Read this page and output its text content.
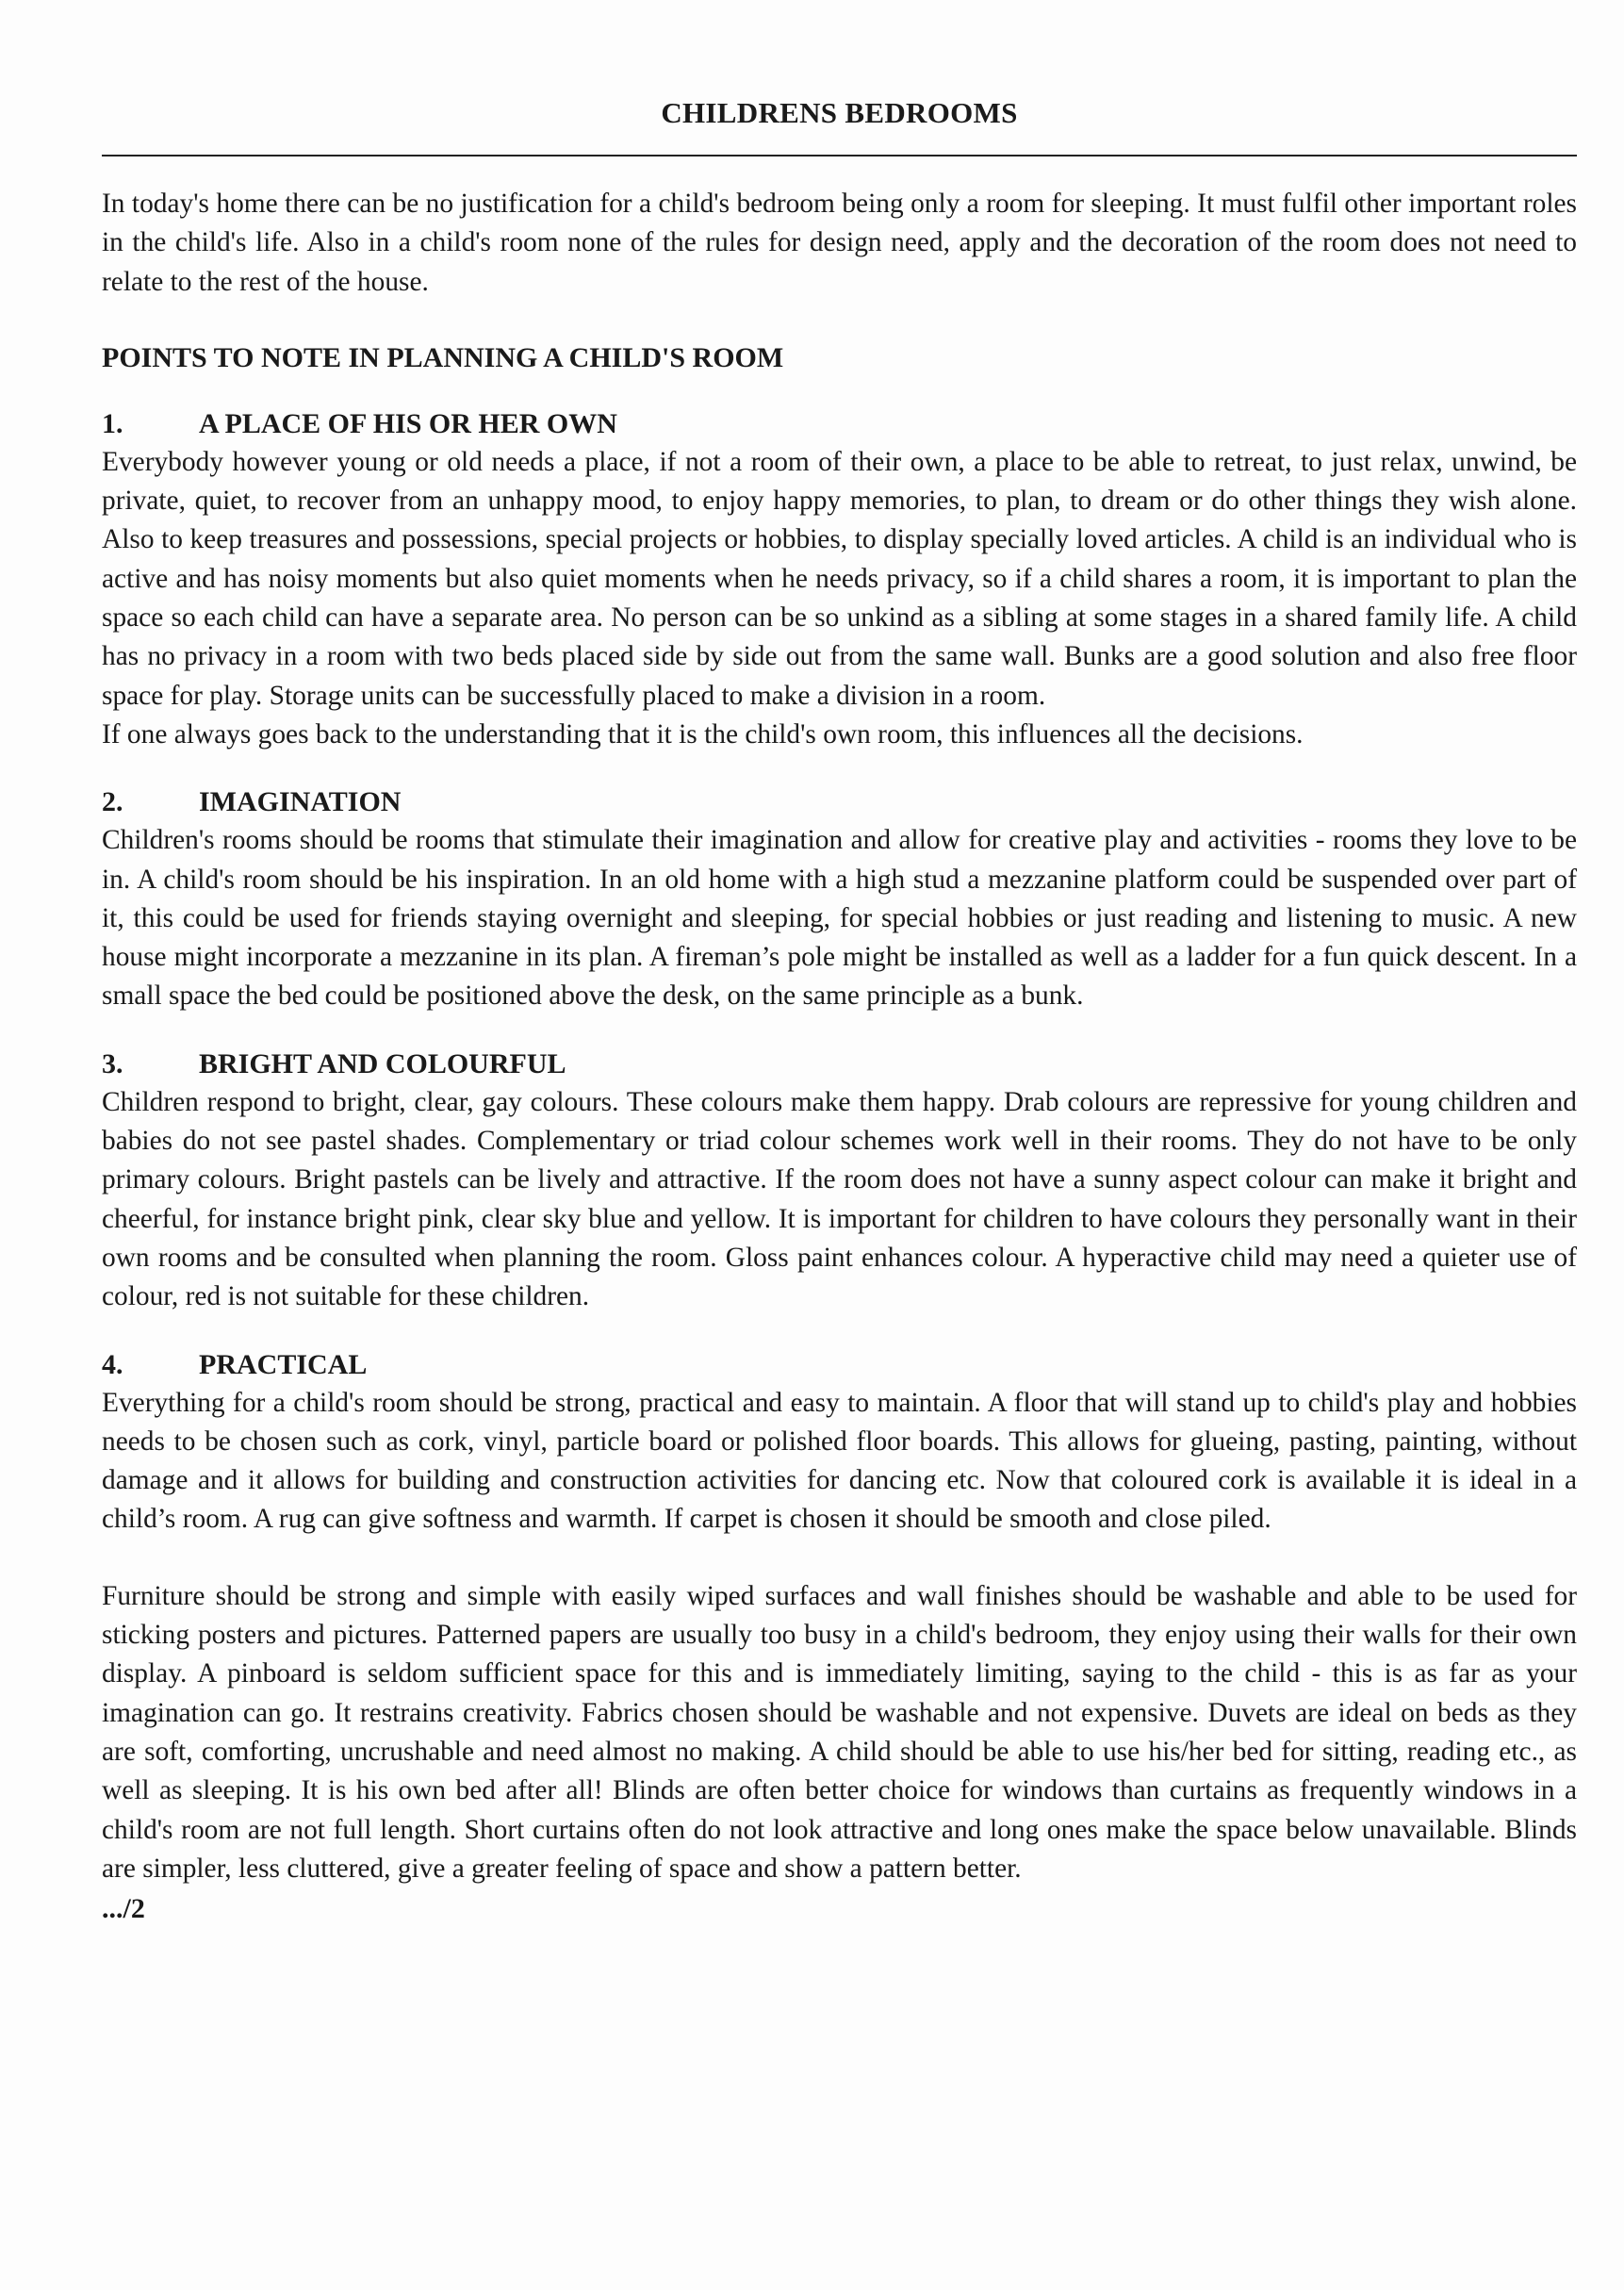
CHILDRENS BEDROOMS

In today's home there can be no justification for a child's bedroom being only a room for sleeping. It must fulfil other important roles in the child's life. Also in a child's room none of the rules for design need, apply and the decoration of the room does not need to relate to the rest of the house.

POINTS TO NOTE IN PLANNING A CHILD'S ROOM
1.	A PLACE OF HIS OR HER OWN

Everybody however young or old needs a place, if not a room of their own, a place to be able to retreat, to just relax, unwind, be private, quiet, to recover from an unhappy mood, to enjoy happy memories, to plan, to dream or do other things they wish alone. Also to keep treasures and possessions, special projects or hobbies, to display specially loved articles. A child is an individual who is active and has noisy moments but also quiet moments when he needs privacy, so if a child shares a room, it is important to plan the space so each child can have a separate area. No person can be so unkind as a sibling at some stages in a shared family life. A child has no privacy in a room with two beds placed side by side out from the same wall. Bunks are a good solution and also free floor space for play. Storage units can be successfully placed to make a division in a room.

If one always goes back to the understanding that it is the child's own room, this influences all the decisions.
2.	IMAGINATION

Children's rooms should be rooms that stimulate their imagination and allow for creative play and activities - rooms they love to be in. A child's room should be his inspiration. In an old home with a high stud a mezzanine platform could be suspended over part of it, this could be used for friends staying overnight and sleeping, for special hobbies or just reading and listening to music. A new house might incorporate a mezzanine in its plan. A fireman’s pole might be installed as well as a ladder for a fun quick descent. In a small space the bed could be positioned above the desk, on the same principle as a bunk.

3.	BRIGHT AND COLOURFUL

Children respond to bright, clear, gay colours. These colours make them happy. Drab colours are repressive for young children and babies do not see pastel shades. Complementary or triad colour schemes work well in their rooms. They do not have to be only primary colours. Bright pastels can be lively and attractive. If the room does not have a sunny aspect colour can make it bright and cheerful, for instance bright pink, clear sky blue and yellow. It is important for children to have colours they personally want in their own rooms and be consulted when planning the room. Gloss paint enhances colour. A hyperactive child may need a quieter use of colour, red is not suitable for these children.

4.	PRACTICAL

Everything for a child's room should be strong, practical and easy to maintain. A floor that will stand up to child's play and hobbies needs to be chosen such as cork, vinyl, particle board or polished floor boards. This allows for glueing, pasting, painting, without damage and it allows for building and construction activities for dancing etc. Now that coloured cork is available it is ideal in a child’s room. A rug can give softness and warmth. If carpet is chosen it should be smooth and close piled.

Furniture should be strong and simple with easily wiped surfaces and wall finishes should be washable and able to be used for sticking posters and pictures. Patterned papers are usually too busy in a child's bedroom, they enjoy using their walls for their own display. A pinboard is seldom sufficient space for this and is immediately limiting, saying to the child - this is as far as your imagination can go. It restrains creativity. Fabrics chosen should be washable and not expensive. Duvets are ideal on beds as they are soft, comforting, uncrushable and need almost no making. A child should be able to use his/her bed for sitting, reading etc., as well as sleeping. It is his own bed after all! Blinds are often better choice for windows than curtains as frequently windows in a child's room are not full length. Short curtains often do not look attractive and long ones make the space below unavailable. Blinds are simpler, less cluttered, give a greater feeling of space and show a pattern better.

.../2
